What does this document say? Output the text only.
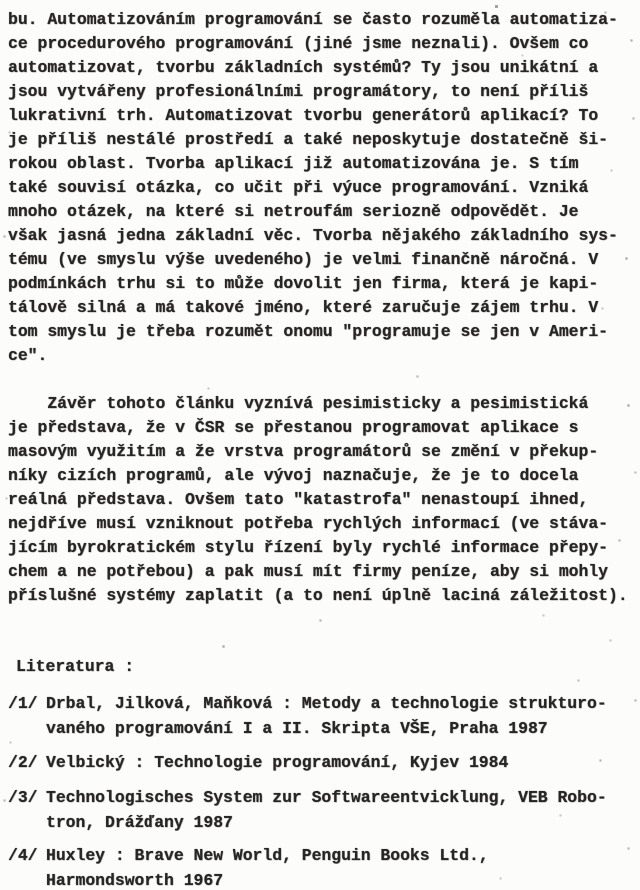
bu. Automatizováním programování se často rozuměla automatiza-
ce procedurového programování (jiné jsme neznali). Ovšem co
automatizovat, tvorbu základních systémů? Ty jsou unikátní a
jsou vytvářeny profesionálními programátory, to není příliš
lukrativní trh. Automatizovat tvorbu generátorů aplikací? To
je příliš nestálé prostředí a také neposkytuje dostatečně ši-
rokou oblast. Tvorba aplikací již automatizována je. S tím
také souvisí otázka, co učit při výuce programování. Vzniká
mnoho otázek, na které si netroufám seriozně odpovědět. Je
však jasná jedna základní věc. Tvorba nějakého základního sys-
tému (ve smyslu výše uvedeného) je velmi finančně náročná. V
podmínkách trhu si to může dovolit jen firma, která je kapi-
tálově silná a má takové jméno, které zaručuje zájem trhu. V
tom smyslu je třeba rozumět onomu "programuje se jen v Ameri-
ce".
Závěr tohoto článku vyznívá pesimisticky a pesimistická
je představa, že v ČSR se přestanou programovat aplikace s
masovým využitím a že vrstva programátorů se změní v překup-
níky cizích programů, ale vývoj naznačuje, že je to docela
reálná představa. Ovšem tato "katastrofa" nenastoupí ihned,
nejdříve musí vzniknout potřeba rychlých informací (ve stáva-
jícím byrokratickém stylu řízení byly rychlé informace přepy-
chem a ne potřebou) a pak musí mít firmy peníze, aby si mohly
příslušné systémy zaplatit (a to není úplně laciná záležitost).
Literatura :
/1/ Drbal, Jilková, Maňková : Metody a technologie strukturo-
vaného programování I a II. Skripta VŠE, Praha 1987
/2/ Velbický : Technologie programování, Kyjev 1984
/3/ Technologisches System zur Softwareentvicklung, VEB Robo-
tron, Drážďany 1987
/4/ Huxley : Brave New World, Penguin Books Ltd.,
Harmondsworth 1967
